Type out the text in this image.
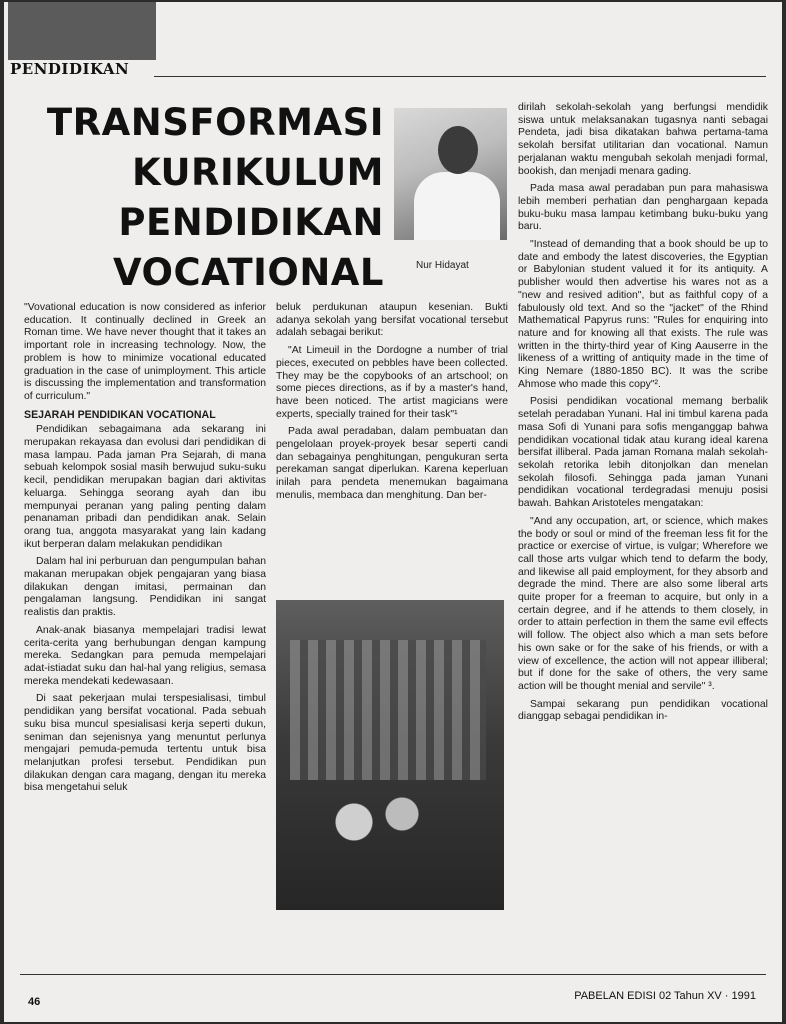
PENDIDIKAN
TRANSFORMASI
KURIKULUM
PENDIDIKAN
VOCATIONAL	Nur Hidayat

"Vovational education is now considered as inferior education. It continually declined in Greek an Roman time. We have never thought that it takes an important role in increasing technology. Now, the problem is how to minimize vocational educated graduation in the case of unimployment. This article is discussing the implementation and transformation of curriculum."

SEJARAH PENDIDIKAN VOCATIONAL

Pendidikan sebagaimana ada sekarang ini merupakan rekayasa dan evolusi dari pendidikan di masa lampau. Pada jaman Pra Sejarah, di mana sebuah kelompok sosial masih berwujud suku-suku kecil, pendidikan merupakan bagian dari aktivitas keluarga. Sehingga seorang ayah dan ibu mempunyai peranan yang paling penting dalam penanaman pribadi dan pendidikan anak. Selain orang tua, anggota masyarakat yang lain kadang ikut berperan dalam melakukan pendidikan

Dalam hal ini perburuan dan pengumpulan bahan makanan merupakan objek pengajaran yang biasa dilakukan dengan imitasi, permainan dan pengalaman langsung. Pendidikan ini sangat realistis dan praktis.

Anak-anak biasanya mempelajari tradisi lewat cerita-cerita yang berhubungan dengan kampung mereka. Sedangkan para pemuda mempelajari adat-istiadat suku dan hal-hal yang religius, semasa mereka mendekati kedewasaan.

Di saat pekerjaan mulai terspesialisasi, timbul pendidikan yang bersifat vocational. Pada sebuah suku bisa muncul spesialisasi kerja seperti dukun, seniman dan sejenisnya yang menuntut perlunya mengajari pemuda-pemuda tertentu untuk bisa melanjutkan profesi tersebut. Pendidikan pun dilakukan dengan cara magang, dengan itu mereka bisa mengetahui seluk

beluk perdukunan ataupun kesenian. Bukti adanya sekolah yang bersifat vocational tersebut adalah sebagai berikut:

"At Limeuil in the Dordogne a number of trial pieces, executed on pebbles have been collected. They may be the copybooks of an artschool; on some pieces directions, as if by a master's hand, have been noticed. The artist magicians were experts, specially trained for their task"¹

Pada awal peradaban, dalam pembuatan dan pengelolaan proyek-proyek besar seperti candi dan sebagainya penghitungan, pengukuran serta perekaman sangat diperlukan. Karena keperluan inilah para pendeta menemukan bagaimana menulis, membaca dan menghitung. Dan ber-

dirilah sekolah-sekolah yang berfungsi mendidik siswa untuk melaksanakan tugasnya nanti sebagai Pendeta, jadi bisa dikatakan bahwa pertama-tama sekolah bersifat utilitarian dan vocational. Namun perjalanan waktu mengubah sekolah menjadi formal, bookish, dan menjadi menara gading.

Pada masa awal peradaban pun para mahasiswa lebih memberi perhatian dan penghargaan kepada buku-buku masa lampau ketimbang buku-buku yang baru.

"Instead of demanding that a book should be up to date and embody the latest discoveries, the Egyptian or Babylonian student valued it for its antiquity. A publisher would then advertise his wares not as a "new and resived adition", but as faithful copy of a fabulously old text. And so the "jacket" of the Rhind Mathematical Papyrus runs: "Rules for enquiring into nature and for knowing all that exists. The rule was written in the thirty-third year of King Aauserre in the likeness of a writting of antiquity made in the time of King Nemare (1880-1850 BC). It was the scribe Ahmose who made this copy"².

Posisi pendidikan vocational memang berbalik setelah peradaban Yunani. Hal ini timbul karena pada masa Sofi di Yunani para sofis menganggap bahwa pendidikan vocational tidak atau kurang ideal karena bersifat illiberal. Pada jaman Romana malah sekolah-sekolah retorika lebih ditonjolkan dan menelan sekolah filosofi. Sehingga pada jaman Yunani pendidikan vocational terdegradasi menuju posisi bawah. Bahkan Aristoteles mengatakan:

"And any occupation, art, or science, which makes the body or soul or mind of the freeman less fit for the practice or exercise of virtue, is vulgar; Wherefore we call those arts vulgar which tend to defarm the body, and likewise all paid employment, for they absorb and degrade the mind. There are also some liberal arts quite proper for a freeman to acquire, but only in a certain degree, and if he attends to them closely, in order to attain perfection in them the same evil effects will follow. The object also which a man sets before his own sake or for the sake of his friends, or with a view of excellence, the action will not appear illiberal; but if done for the sake of others, the very same action will be thought menial and servile" ³.

Sampai sekarang pun pendidikan vocational dianggap sebagai pendidikan in-

46	PABELAN EDISI 02 Tahun XV · 1991
